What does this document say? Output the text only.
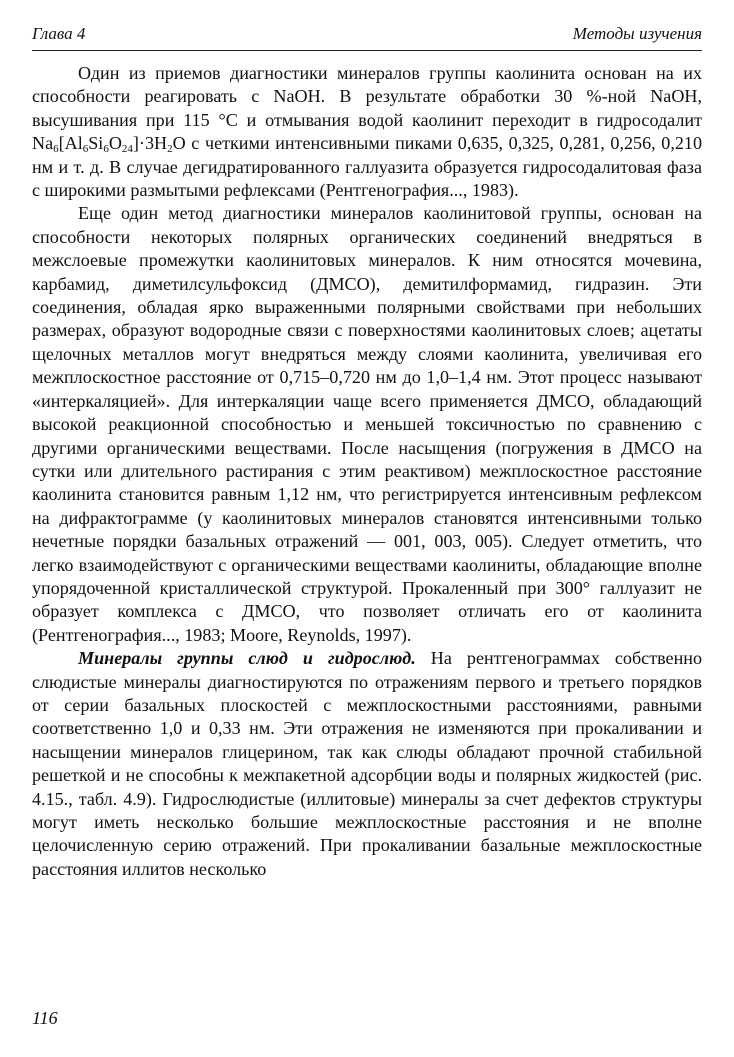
Глава 4	Методы изучения

Один из приемов диагностики минералов группы каолинита основан на их способности реагировать с NaOH. В результате обработки 30 %-ной NaOH, высушивания при 115 °C и отмывания водой каолинит переходит в гидросодалит $Na_6[Al_6Si_6O_{24}]\cdot 3H_2O$ с четкими интенсивными пиками 0,635, 0,325, 0,281, 0,256, 0,210 нм и т. д. В случае дегидратированного галлуазита образуется гидросодалитовая фаза с широкими размытыми рефлексами (Рентгенография..., 1983).

Еще один метод диагностики минералов каолинитовой группы, основан на способности некоторых полярных органических соединений внедряться в межслоевые промежутки каолинитовых минералов. К ним относятся мочевина, карбамид, диметилсульфоксид (ДМСО), демитилформамид, гидразин. Эти соединения, обладая ярко выраженными полярными свойствами при небольших размерах, образуют водородные связи с поверхностями каолинитовых слоев; ацетаты щелочных металлов могут внедряться между слоями каолинита, увеличивая его межплоскостное расстояние от 0,715–0,720 нм до 1,0–1,4 нм. Этот процесс называют «интеркаляцией». Для интеркаляции чаще всего применяется ДМСО, обладающий высокой реакционной способностью и меньшей токсичностью по сравнению с другими органическими веществами. После насыщения (погружения в ДМСО на сутки или длительного растирания с этим реактивом) межплоскостное расстояние каолинита становится равным 1,12 нм, что регистрируется интенсивным рефлексом на дифрактограмме (у каолинитовых минералов становятся интенсивными только нечетные порядки базальных отражений — 001, 003, 005). Следует отметить, что легко взаимодействуют с органическими веществами каолиниты, обладающие вполне упорядоченной кристаллической структурой. Прокаленный при 300° галлуазит не образует комплекса с ДМСО, что позволяет отличать его от каолинита (Рентгенография..., 1983; Moore, Reynolds, 1997).

Минералы группы слюд и гидрослюд. На рентгенограммах собственно слюдистые минералы диагностируются по отражениям первого и третьего порядков от серии базальных плоскостей с межплоскостными расстояниями, равными соответственно 1,0 и 0,33 нм. Эти отражения не изменяются при прокаливании и насыщении минералов глицерином, так как слюды обладают прочной стабильной решеткой и не способны к межпакетной адсорбции воды и полярных жидкостей (рис. 4.15., табл. 4.9). Гидрослюдистые (иллитовые) минералы за счет дефектов структуры могут иметь несколько большие межплоскостные расстояния и не вполне целочисленную серию отражений. При прокаливании базальные межплоскостные расстояния иллитов несколько

116
